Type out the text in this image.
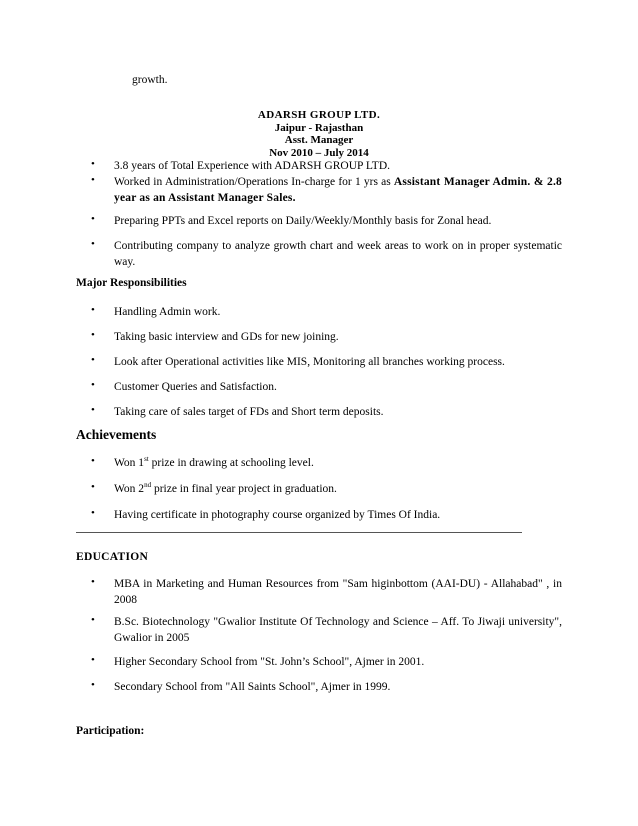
growth.
ADARSH GROUP LTD.
Jaipur - Rajasthan
Asst. Manager
Nov 2010 – July 2014
• 3.8 years of Total Experience with ADARSH GROUP LTD.
• Worked in Administration/Operations In-charge for 1 yrs as Assistant Manager Admin. & 2.8 year as an Assistant Manager Sales.
• Preparing PPTs and Excel reports on Daily/Weekly/Monthly basis for Zonal head.
• Contributing company to analyze growth chart and week areas to work on in proper systematic way.
Major Responsibilities
• Handling Admin work.
• Taking basic interview and GDs for new joining.
• Look after Operational activities like MIS, Monitoring all branches working process.
• Customer Queries and Satisfaction.
• Taking care of sales target of FDs and Short term deposits.
Achievements
• Won 1st prize in drawing at schooling level.
• Won 2nd prize in final year project in graduation.
• Having certificate in photography course organized by Times Of India.
EDUCATION
• MBA in Marketing and Human Resources from "Sam higinbottom (AAI-DU) - Allahabad" , in 2008
• B.Sc. Biotechnology "Gwalior Institute Of Technology and Science – Aff. To Jiwaji university", Gwalior in 2005
• Higher Secondary School from "St. John’s School", Ajmer in 2001.
• Secondary School from "All Saints School", Ajmer in 1999.
Participation:
